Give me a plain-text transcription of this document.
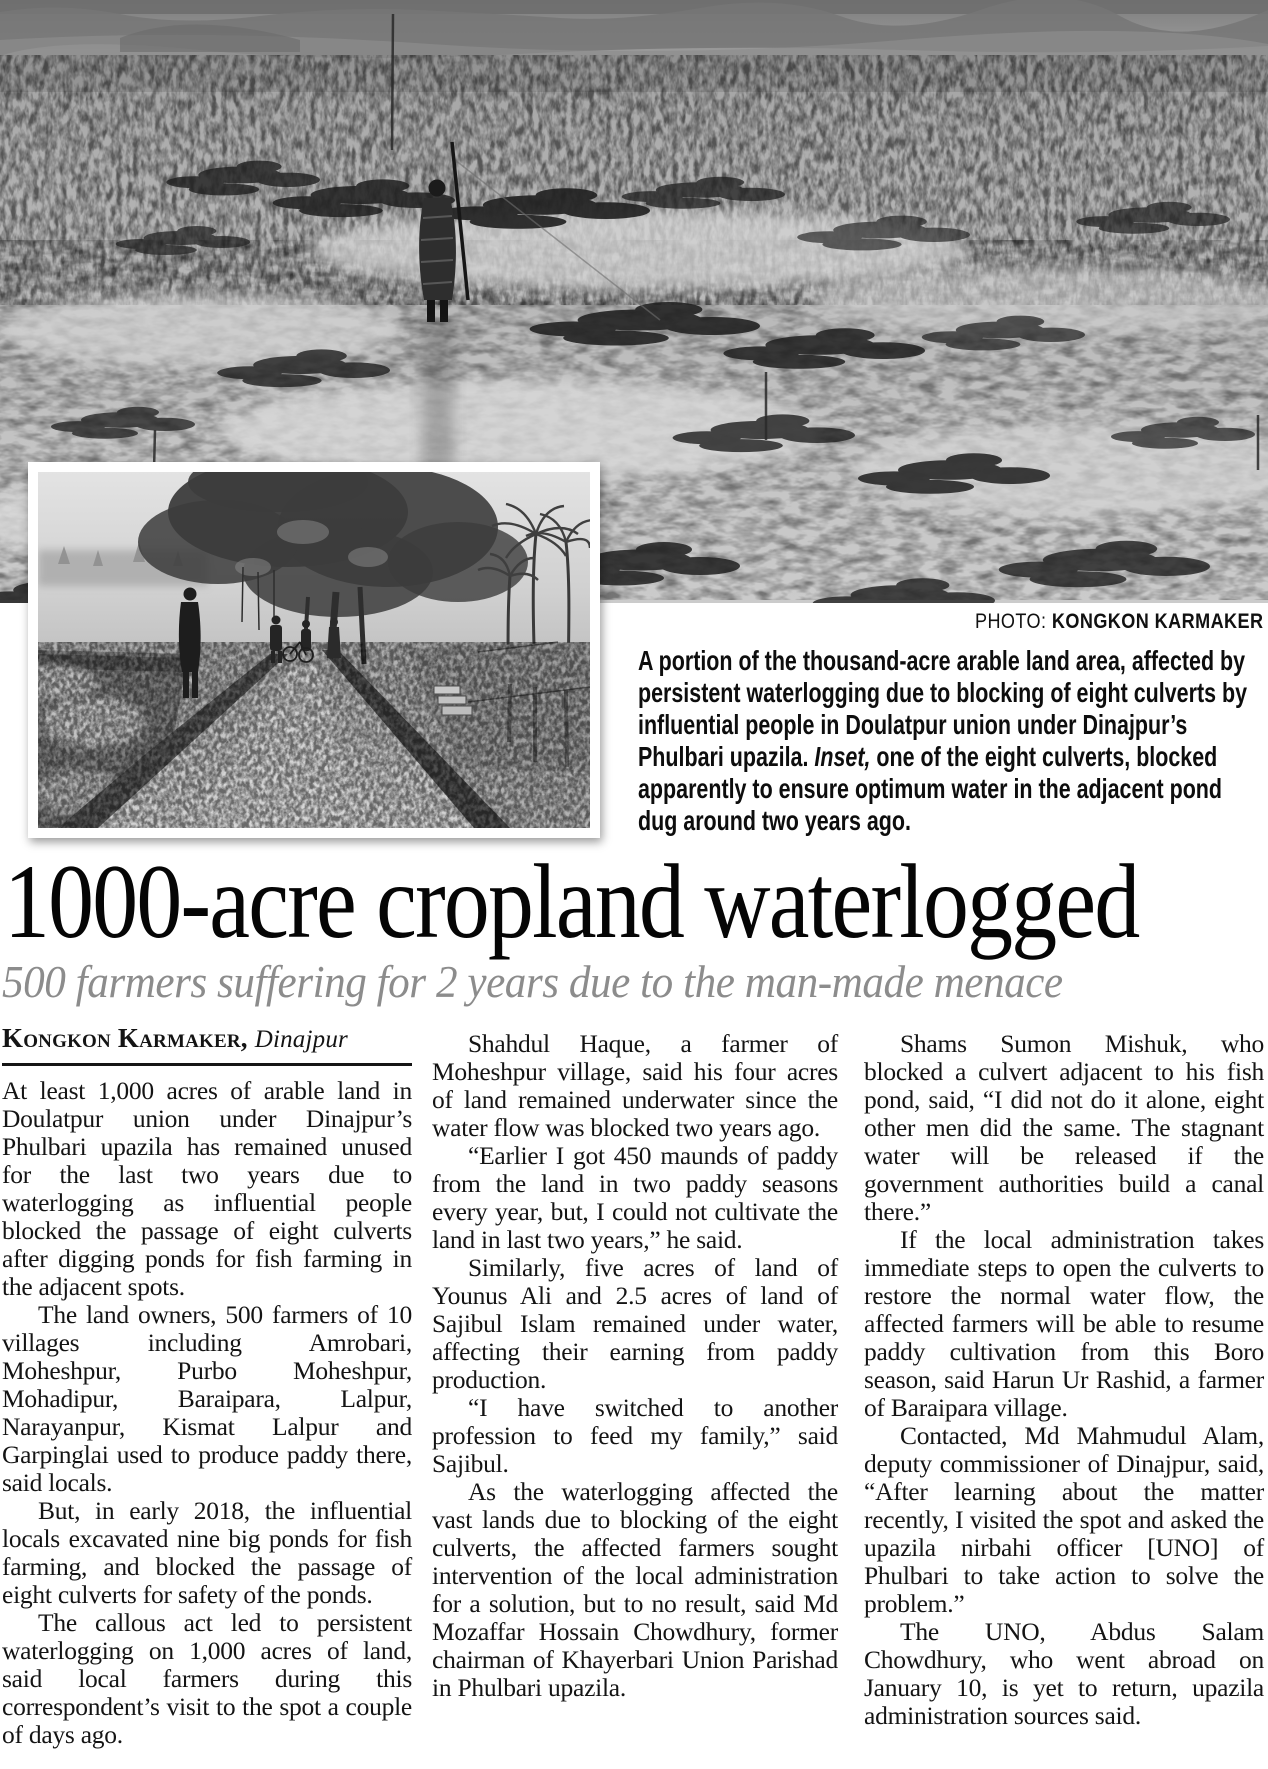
PHOTO: KONGKON KARMAKER
A portion of the thousand-acre arable land area, affected by persistent waterlogging due to blocking of eight culverts by influential people in Doulatpur union under Dinajpur’s Phulbari upazila. Inset, one of the eight culverts, blocked apparently to ensure optimum water in the adjacent pond dug around two years ago.
1000-acre cropland waterlogged
500 farmers suffering for 2 years due to the man-made menace
Kongkon Karmaker, Dinajpur

At least 1,000 acres of arable land in Doulatpur union under Dinajpur’s Phulbari upazila has remained unused for the last two years due to waterlogging as influential people blocked the passage of eight culverts after digging ponds for fish farming in the adjacent spots.

The land owners, 500 farmers of 10 villages including Amrobari, Moheshpur, Purbo Moheshpur, Mohadipur, Baraipara, Lalpur, Narayanpur, Kismat Lalpur and Garpinglai used to produce paddy there, said locals.

But, in early 2018, the influential locals excavated nine big ponds for fish farming, and blocked the passage of eight culverts for safety of the ponds.

The callous act led to persistent waterlogging on 1,000 acres of land, said local farmers during this correspondent’s visit to the spot a couple of days ago.

Shahdul Haque, a farmer of Moheshpur village, said his four acres of land remained underwater since the water flow was blocked two years ago.

“Earlier I got 450 maunds of paddy from the land in two paddy seasons every year, but, I could not cultivate the land in last two years,” he said.

Similarly, five acres of land of Younus Ali and 2.5 acres of land of Sajibul Islam remained under water, affecting their earning from paddy production.

“I have switched to another profession to feed my family,” said Sajibul.

As the waterlogging affected the vast lands due to blocking of the eight culverts, the affected farmers sought intervention of the local administration for a solution, but to no result, said Md Mozaffar Hossain Chowdhury, former chairman of Khayerbari Union Parishad in Phulbari upazila.

Shams Sumon Mishuk, who blocked a culvert adjacent to his fish pond, said, “I did not do it alone, eight other men did the same. The stagnant water will be released if the government authorities build a canal there.”

If the local administration takes immediate steps to open the culverts to restore the normal water flow, the affected farmers will be able to resume paddy cultivation from this Boro season, said Harun Ur Rashid, a farmer of Baraipara village.

Contacted, Md Mahmudul Alam, deputy commissioner of Dinajpur, said, “After learning about the matter recently, I visited the spot and asked the upazila nirbahi officer [UNO] of Phulbari to take action to solve the problem.”

The UNO, Abdus Salam Chowdhury, who went abroad on January 10, is yet to return, upazila administration sources said.
